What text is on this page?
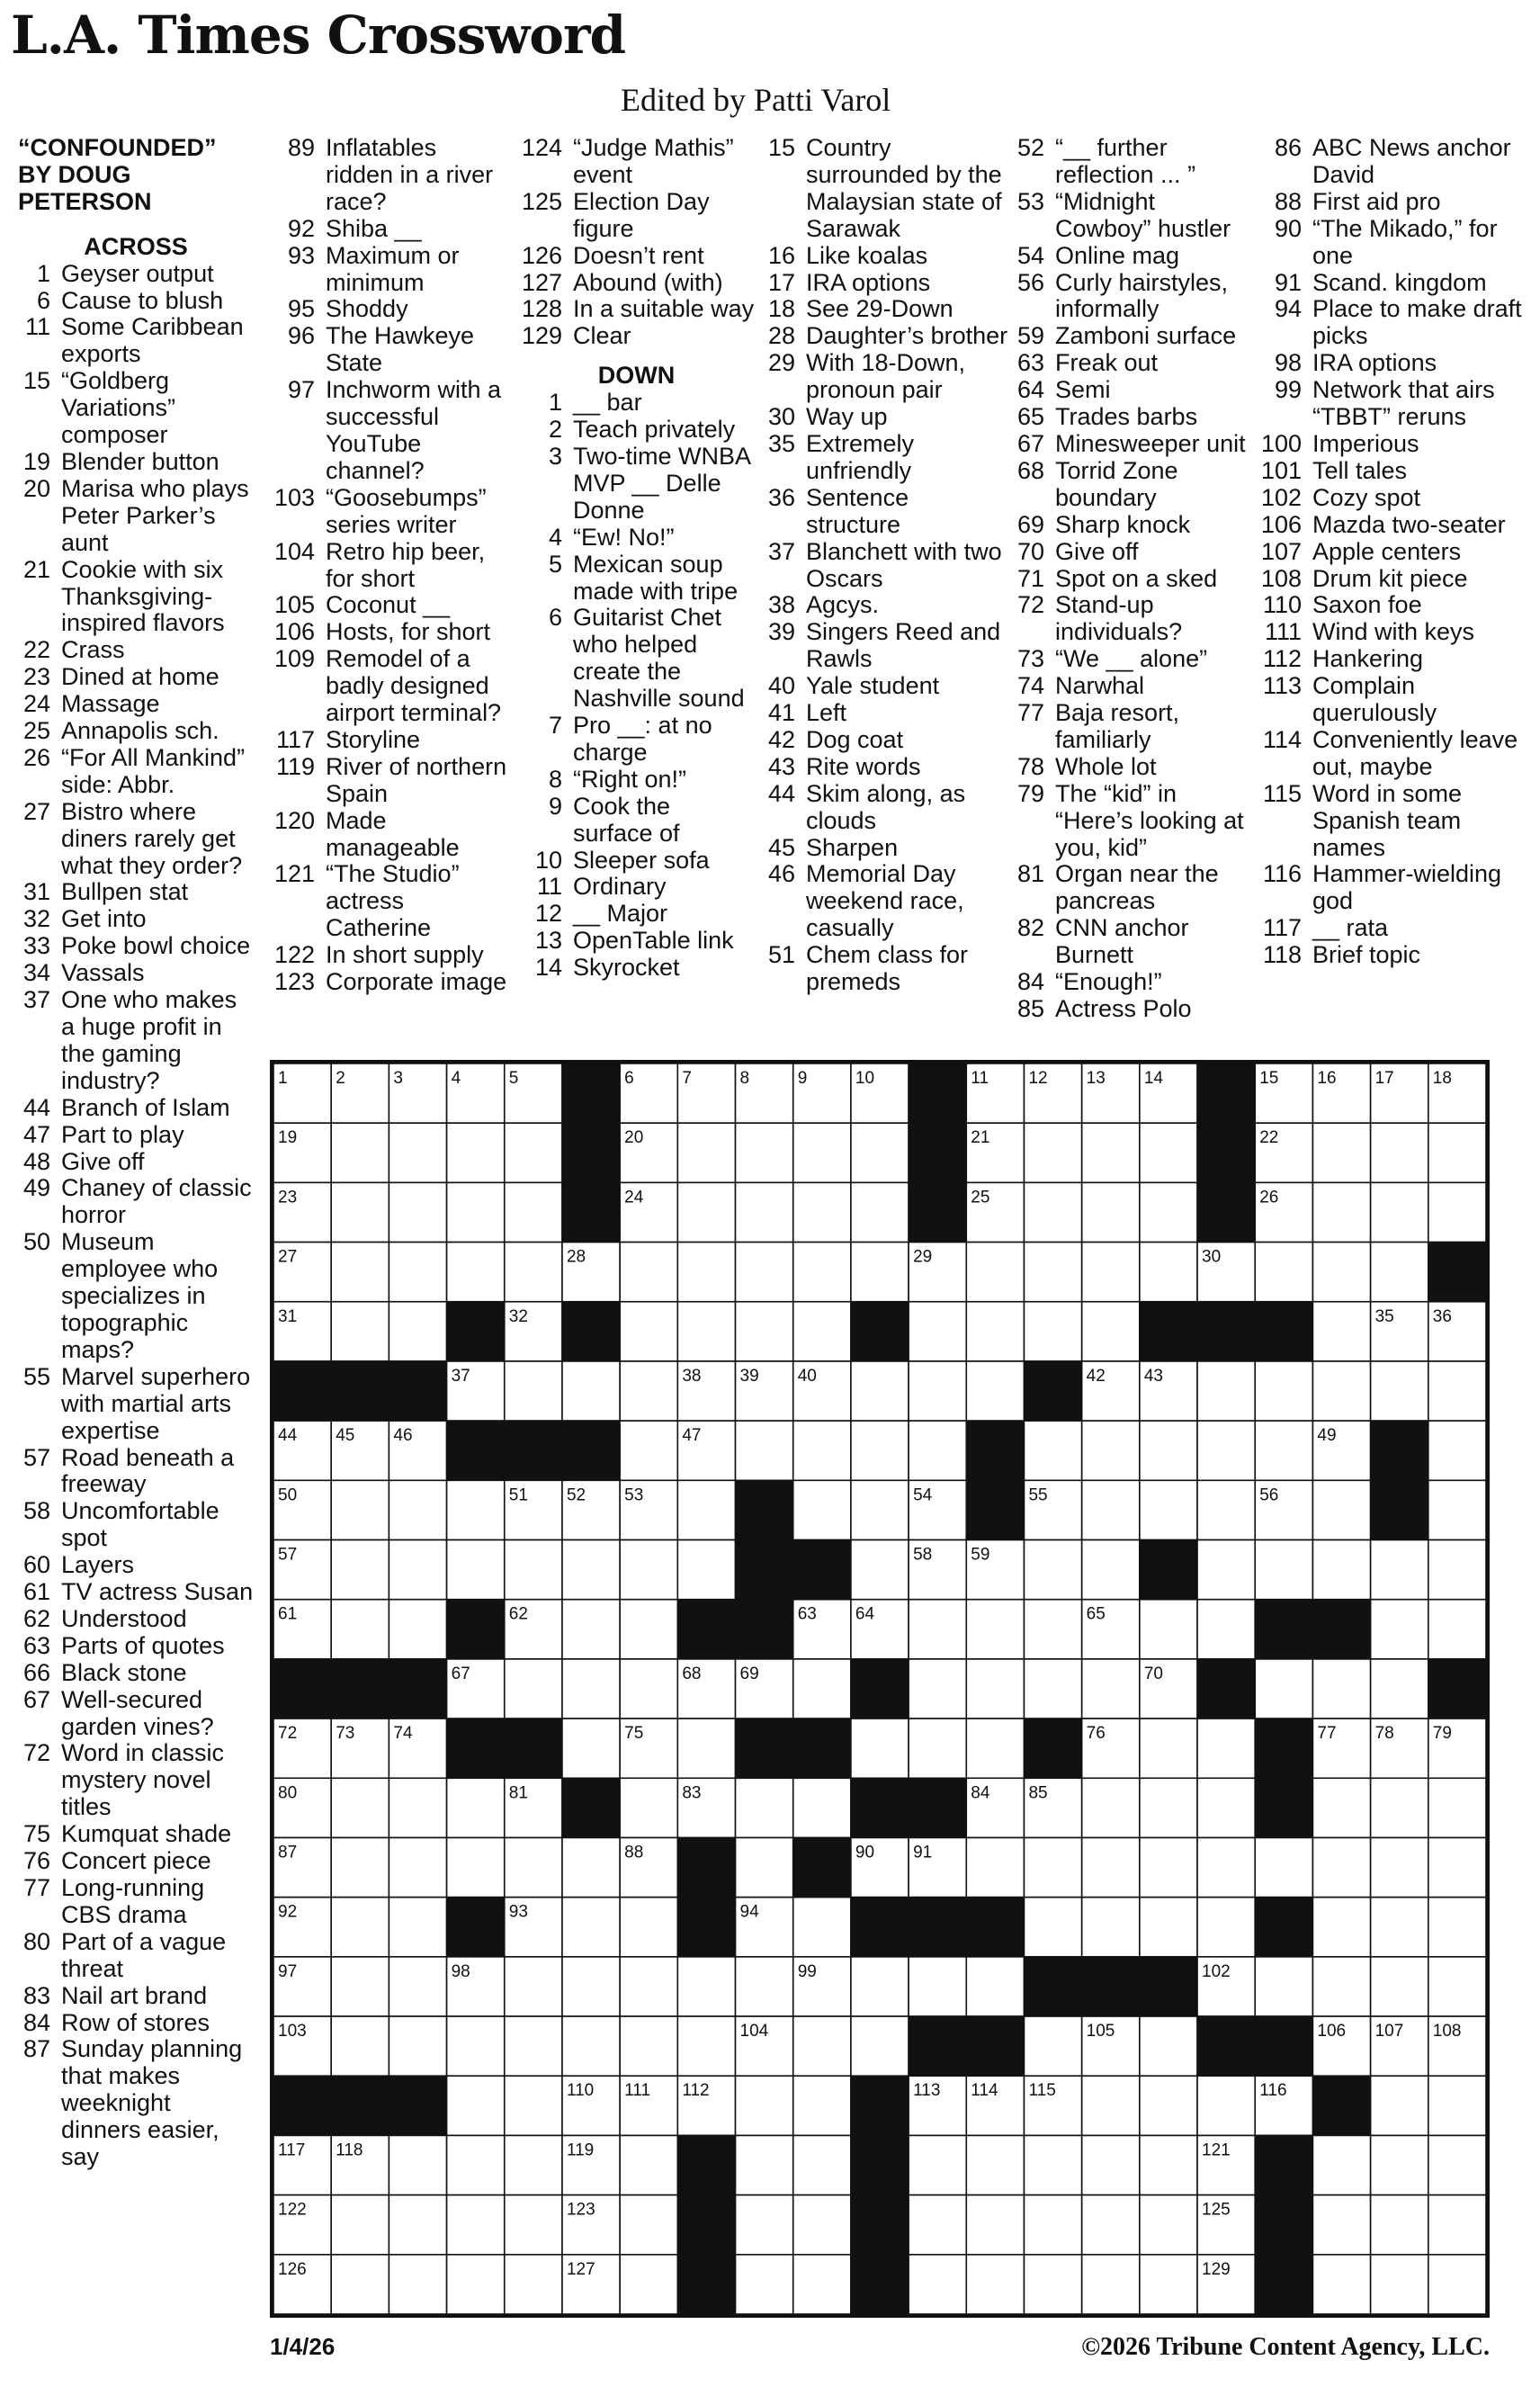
L.A. Times Crossword
Edited by Patti Varol
“CONFOUNDED” BY DOUG PETERSON
ACROSS
1 Geyser output
6 Cause to blush
11 Some Caribbean exports
15 “Goldberg Variations” composer
19 Blender button
20 Marisa who plays Peter Parker’s aunt
21 Cookie with six Thanksgiving-inspired flavors
22 Crass
23 Dined at home
24 Massage
25 Annapolis sch.
26 “For All Mankind” side: Abbr.
27 Bistro where diners rarely get what they order?
31 Bullpen stat
32 Get into
33 Poke bowl choice
34 Vassals
37 One who makes a huge profit in the gaming industry?
44 Branch of Islam
47 Part to play
48 Give off
49 Chaney of classic horror
50 Museum employee who specializes in topographic maps?
55 Marvel superhero with martial arts expertise
57 Road beneath a freeway
58 Uncomfortable spot
60 Layers
61 TV actress Susan
62 Understood
63 Parts of quotes
66 Black stone
67 Well-secured garden vines?
72 Word in classic mystery novel titles
75 Kumquat shade
76 Concert piece
77 Long-running CBS drama
80 Part of a vague threat
83 Nail art brand
84 Row of stores
87 Sunday planning that makes weeknight dinners easier, say
89 Inflatables ridden in a river race?
92 Shiba __
93 Maximum or minimum
95 Shoddy
96 The Hawkeye State
97 Inchworm with a successful YouTube channel?
103 “Goosebumps” series writer
104 Retro hip beer, for short
105 Coconut __
106 Hosts, for short
109 Remodel of a badly designed airport terminal?
117 Storyline
119 River of northern Spain
120 Made manageable
121 “The Studio” actress Catherine
122 In short supply
123 Corporate image
124 “Judge Mathis” event
125 Election Day figure
126 Doesn’t rent
127 Abound (with)
128 In a suitable way
129 Clear
DOWN
1 __ bar
2 Teach privately
3 Two-time WNBA MVP __ Delle Donne
4 “Ew! No!”
5 Mexican soup made with tripe
6 Guitarist Chet who helped create the Nashville sound
7 Pro __: at no charge
8 “Right on!”
9 Cook the surface of
10 Sleeper sofa
11 Ordinary
12 __ Major
13 OpenTable link
14 Skyrocket
15 Country surrounded by the Malaysian state of Sarawak
16 Like koalas
17 IRA options
18 See 29-Down
28 Daughter’s brother
29 With 18-Down, pronoun pair
30 Way up
35 Extremely unfriendly
36 Sentence structure
37 Blanchett with two Oscars
38 Agcys.
39 Singers Reed and Rawls
40 Yale student
41 Left
42 Dog coat
43 Rite words
44 Skim along, as clouds
45 Sharpen
46 Memorial Day weekend race, casually
51 Chem class for premeds
52 “__ further reflection ... ”
53 “Midnight Cowboy” hustler
54 Online mag
56 Curly hairstyles, informally
59 Zamboni surface
63 Freak out
64 Semi
65 Trades barbs
67 Minesweeper unit
68 Torrid Zone boundary
69 Sharp knock
70 Give off
71 Spot on a sked
72 Stand-up individuals?
73 “We __ alone”
74 Narwhal
77 Baja resort, familiarly
78 Whole lot
79 The “kid” in “Here’s looking at you, kid”
81 Organ near the pancreas
82 CNN anchor Burnett
84 “Enough!”
85 Actress Polo
86 ABC News anchor David
88 First aid pro
90 “The Mikado,” for one
91 Scand. kingdom
94 Place to make draft picks
98 IRA options
99 Network that airs “TBBT” reruns
100 Imperious
101 Tell tales
102 Cozy spot
106 Mazda two-seater
107 Apple centers
108 Drum kit piece
110 Saxon foe
111 Wind with keys
112 Hankering
113 Complain querulously
114 Conveniently leave out, maybe
115 Word in some Spanish team names
116 Hammer-wielding god
117 __ rata
118 Brief topic
1	2	3	4	5	6	7	8	9	10	11 12 13 14	15 16 17 18
19	20	21	22
23	24	25	26
27	28	29	30
31	32	33	34	35 36
37	38 39 40	41 42 43
44 45 46	47	48	49
50	51 52 53	54	55	56
57	58 59	60
61	62	63 64	65	66
67	68 69	70 71
72 73 74	75	76	77 78 79
80	81 82	83	84 85	86
87	88	89 90 91
92	93	94	95	96
97	98	99	100 101 102
103	104	105	106 107 108
109	110 111 112	113 114 115	116
117 118	119	120	121
122	123	124	125
126	127	128	129
1/4/26	©2026 Tribune Content Agency, LLC.
